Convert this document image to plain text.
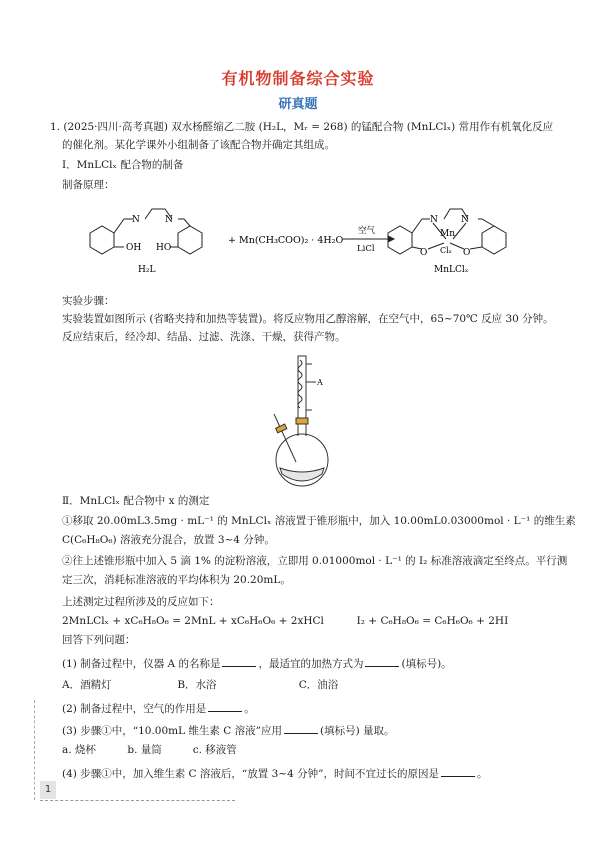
有机物制备综合实验
研真题
1. (2025·四川·高考真题) 双水杨醛缩乙二胺 (H₂L，Mᵣ = 268) 的锰配合物 (MnLClₓ) 常用作有机氧化反应
的催化剂。某化学课外小组制备了该配合物并确定其组成。
Ⅰ．MnLClₓ 配合物的制备
制备原理：
N	N
OH HO
H₂L
+ Mn(CH₃COO)₂ · 4H₂O
空气
LiCl
N	N
Mn
Clₓ
O	O
MnLClₓ
实验步骤：
实验装置如图所示 (省略夹持和加热等装置)。将反应物用乙醇溶解，在空气中，65~70℃ 反应 30 分钟。
反应结束后，经冷却、结晶、过滤、洗涤、干燥，获得产物。
A
Ⅱ．MnLClₓ 配合物中 x 的测定
①移取 20.00mL3.5mg · mL⁻¹ 的 MnLClₓ 溶液置于锥形瓶中，加入 10.00mL0.03000mol · L⁻¹ 的维生素
C(C₆H₈O₆) 溶液充分混合，放置 3~4 分钟。
②往上述锥形瓶中加入 5 滴 1% 的淀粉溶液，立即用 0.01000mol · L⁻¹ 的 I₂ 标准溶液滴定至终点。平行测
定三次，消耗标准溶液的平均体积为 20.20mL。
上述测定过程所涉及的反应如下：
2MnLClₓ + xC₆H₈O₆ = 2MnL + xC₆H₆O₆ + 2xHCl	I₂ + C₆H₈O₆ = C₆H₆O₆ + 2HI
回答下列问题：
(1) 制备过程中，仪器 A 的名称是	，最适宜的加热方式为	(填标号)。
A．酒精灯	B．水浴	C．油浴
(2) 制备过程中，空气的作用是	。
(3) 步骤①中，“10.00mL 维生素 C 溶液”应用	(填标号) 量取。
a. 烧杯	b. 量筒	c. 移液管
(4) 步骤①中，加入维生素 C 溶液后，“放置 3~4 分钟”，时间不宜过长的原因是	。
1
